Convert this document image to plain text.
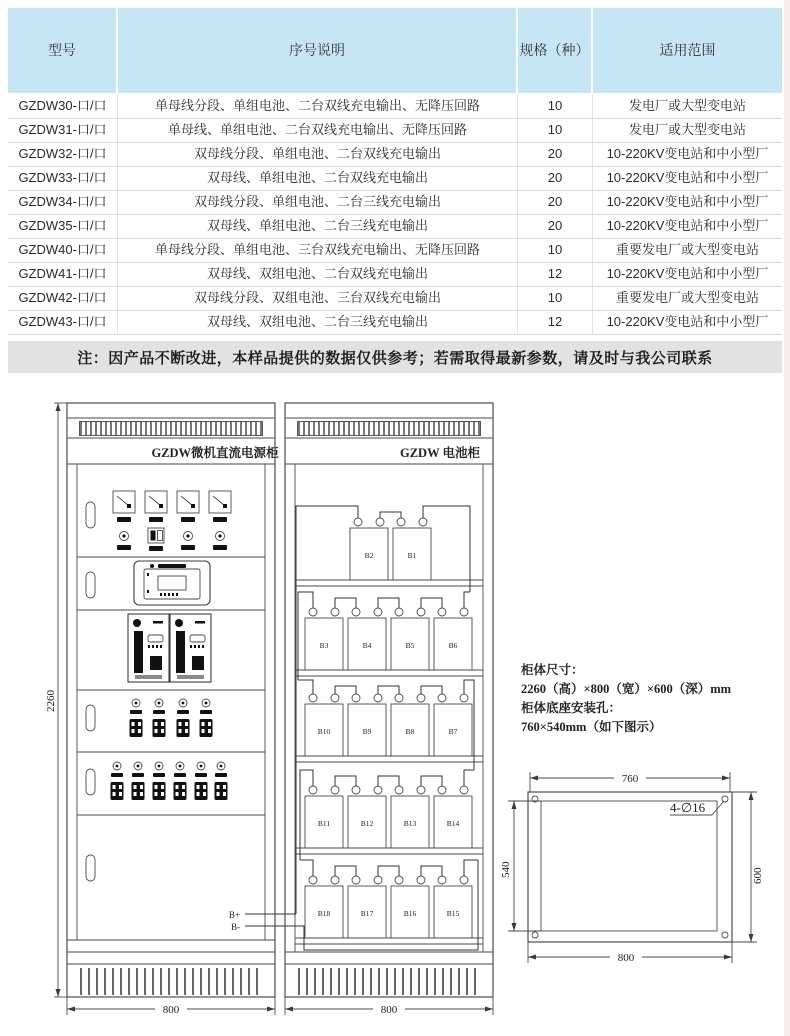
型号	序号说明	规格（种）	适用范围
GZDW30-口/口	单母线分段、单组电池、二台双线充电输出、无降压回路	10	发电厂或大型变电站
GZDW31-口/口	单母线、单组电池、二台双线充电输出、无降压回路	10	发电厂或大型变电站
GZDW32-口/口	双母线分段、单组电池、二台双线充电输出	20	10-220KV变电站和中小型厂
GZDW33-口/口	双母线、单组电池、二台双线充电输出	20	10-220KV变电站和中小型厂
GZDW34-口/口	双母线分段、单组电池、二台三线充电输出	20	10-220KV变电站和中小型厂
GZDW35-口/口	双母线、单组电池、二台三线充电输出	20	10-220KV变电站和中小型厂
GZDW40-口/口	单母线分段、单组电池、三台双线充电输出、无降压回路	10	重要发电厂或大型变电站
GZDW41-口/口	双母线、双组电池、二台双线充电输出	12	10-220KV变电站和中小型厂
GZDW42-口/口	双母线分段、双组电池、三台双线充电输出	10	重要发电厂或大型变电站
GZDW43-口/口	双母线、双组电池、二台三线充电输出	12	10-220KV变电站和中小型厂
注：因产品不断改进，本样品提供的数据仅供参考；若需取得最新参数，请及时与我公司联系
2260
GZDW微机直流电源柜	GZDW 电池柜
B+
B-
B2	B1
B3	B4	B5	B6
B10	B9	B8	B7
B11	B12	B13	B14
B18	B17	B16	B15
800	800
柜体尺寸：
2260（高）×800（宽）×600（深）mm
柜体底座安装孔：
760×540mm（如下图示）
760
800
600
540
4-∅16
